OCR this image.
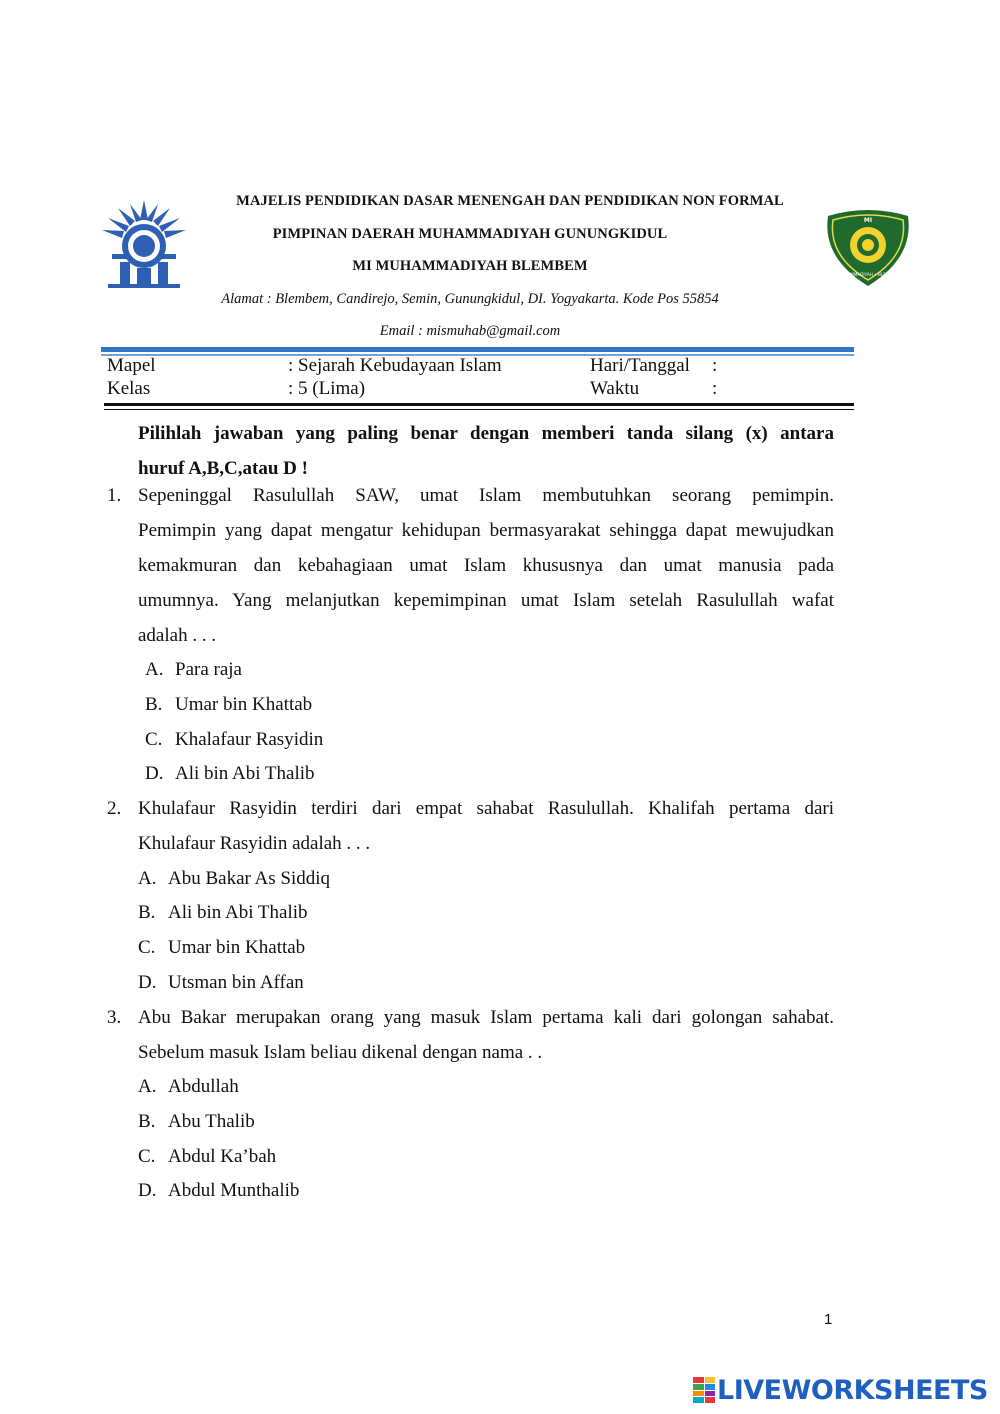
MAJELIS PENDIDIKAN DASAR MENENGAH DAN PENDIDIKAN NON FORMAL
PIMPINAN DAERAH MUHAMMADIYAH GUNUNGKIDUL
MI MUHAMMADIYAH BLEMBEM
Alamat : Blembem, Candirejo, Semin, Gunungkidul, DI. Yogyakarta. Kode Pos 55854
Email : mismuhab@gmail.com
MI
MUHAMMADIYAH • BLEMBEM
Mapel	: Sejarah Kebudayaan Islam	Hari/Tanggal :
Kelas	: 5 (Lima)	Waktu	:
Pilihlah jawaban yang paling benar dengan memberi tanda silang (x) antara
huruf A,B,C,atau D !
1. Sepeninggal Rasulullah SAW, umat Islam membutuhkan seorang pemimpin.
Pemimpin yang dapat mengatur kehidupan bermasyarakat sehingga dapat mewujudkan
kemakmuran dan kebahagiaan umat Islam khususnya dan umat manusia pada
umumnya. Yang melanjutkan kepemimpinan umat Islam setelah Rasulullah wafat
adalah . . .
A. Para raja
B. Umar bin Khattab
C. Khalafaur Rasyidin
D. Ali bin Abi Thalib
2. Khulafaur Rasyidin terdiri dari empat sahabat Rasulullah. Khalifah pertama dari
Khulafaur Rasyidin adalah . . .
A. Abu Bakar As Siddiq
B. Ali bin Abi Thalib
C. Umar bin Khattab
D. Utsman bin Affan
3. Abu Bakar merupakan orang yang masuk Islam pertama kali dari golongan sahabat.
Sebelum masuk Islam beliau dikenal dengan nama . .
A. Abdullah
B. Abu Thalib
C. Abdul Ka’bah
D. Abdul Munthalib
1
LIVEWORKSHEETS
